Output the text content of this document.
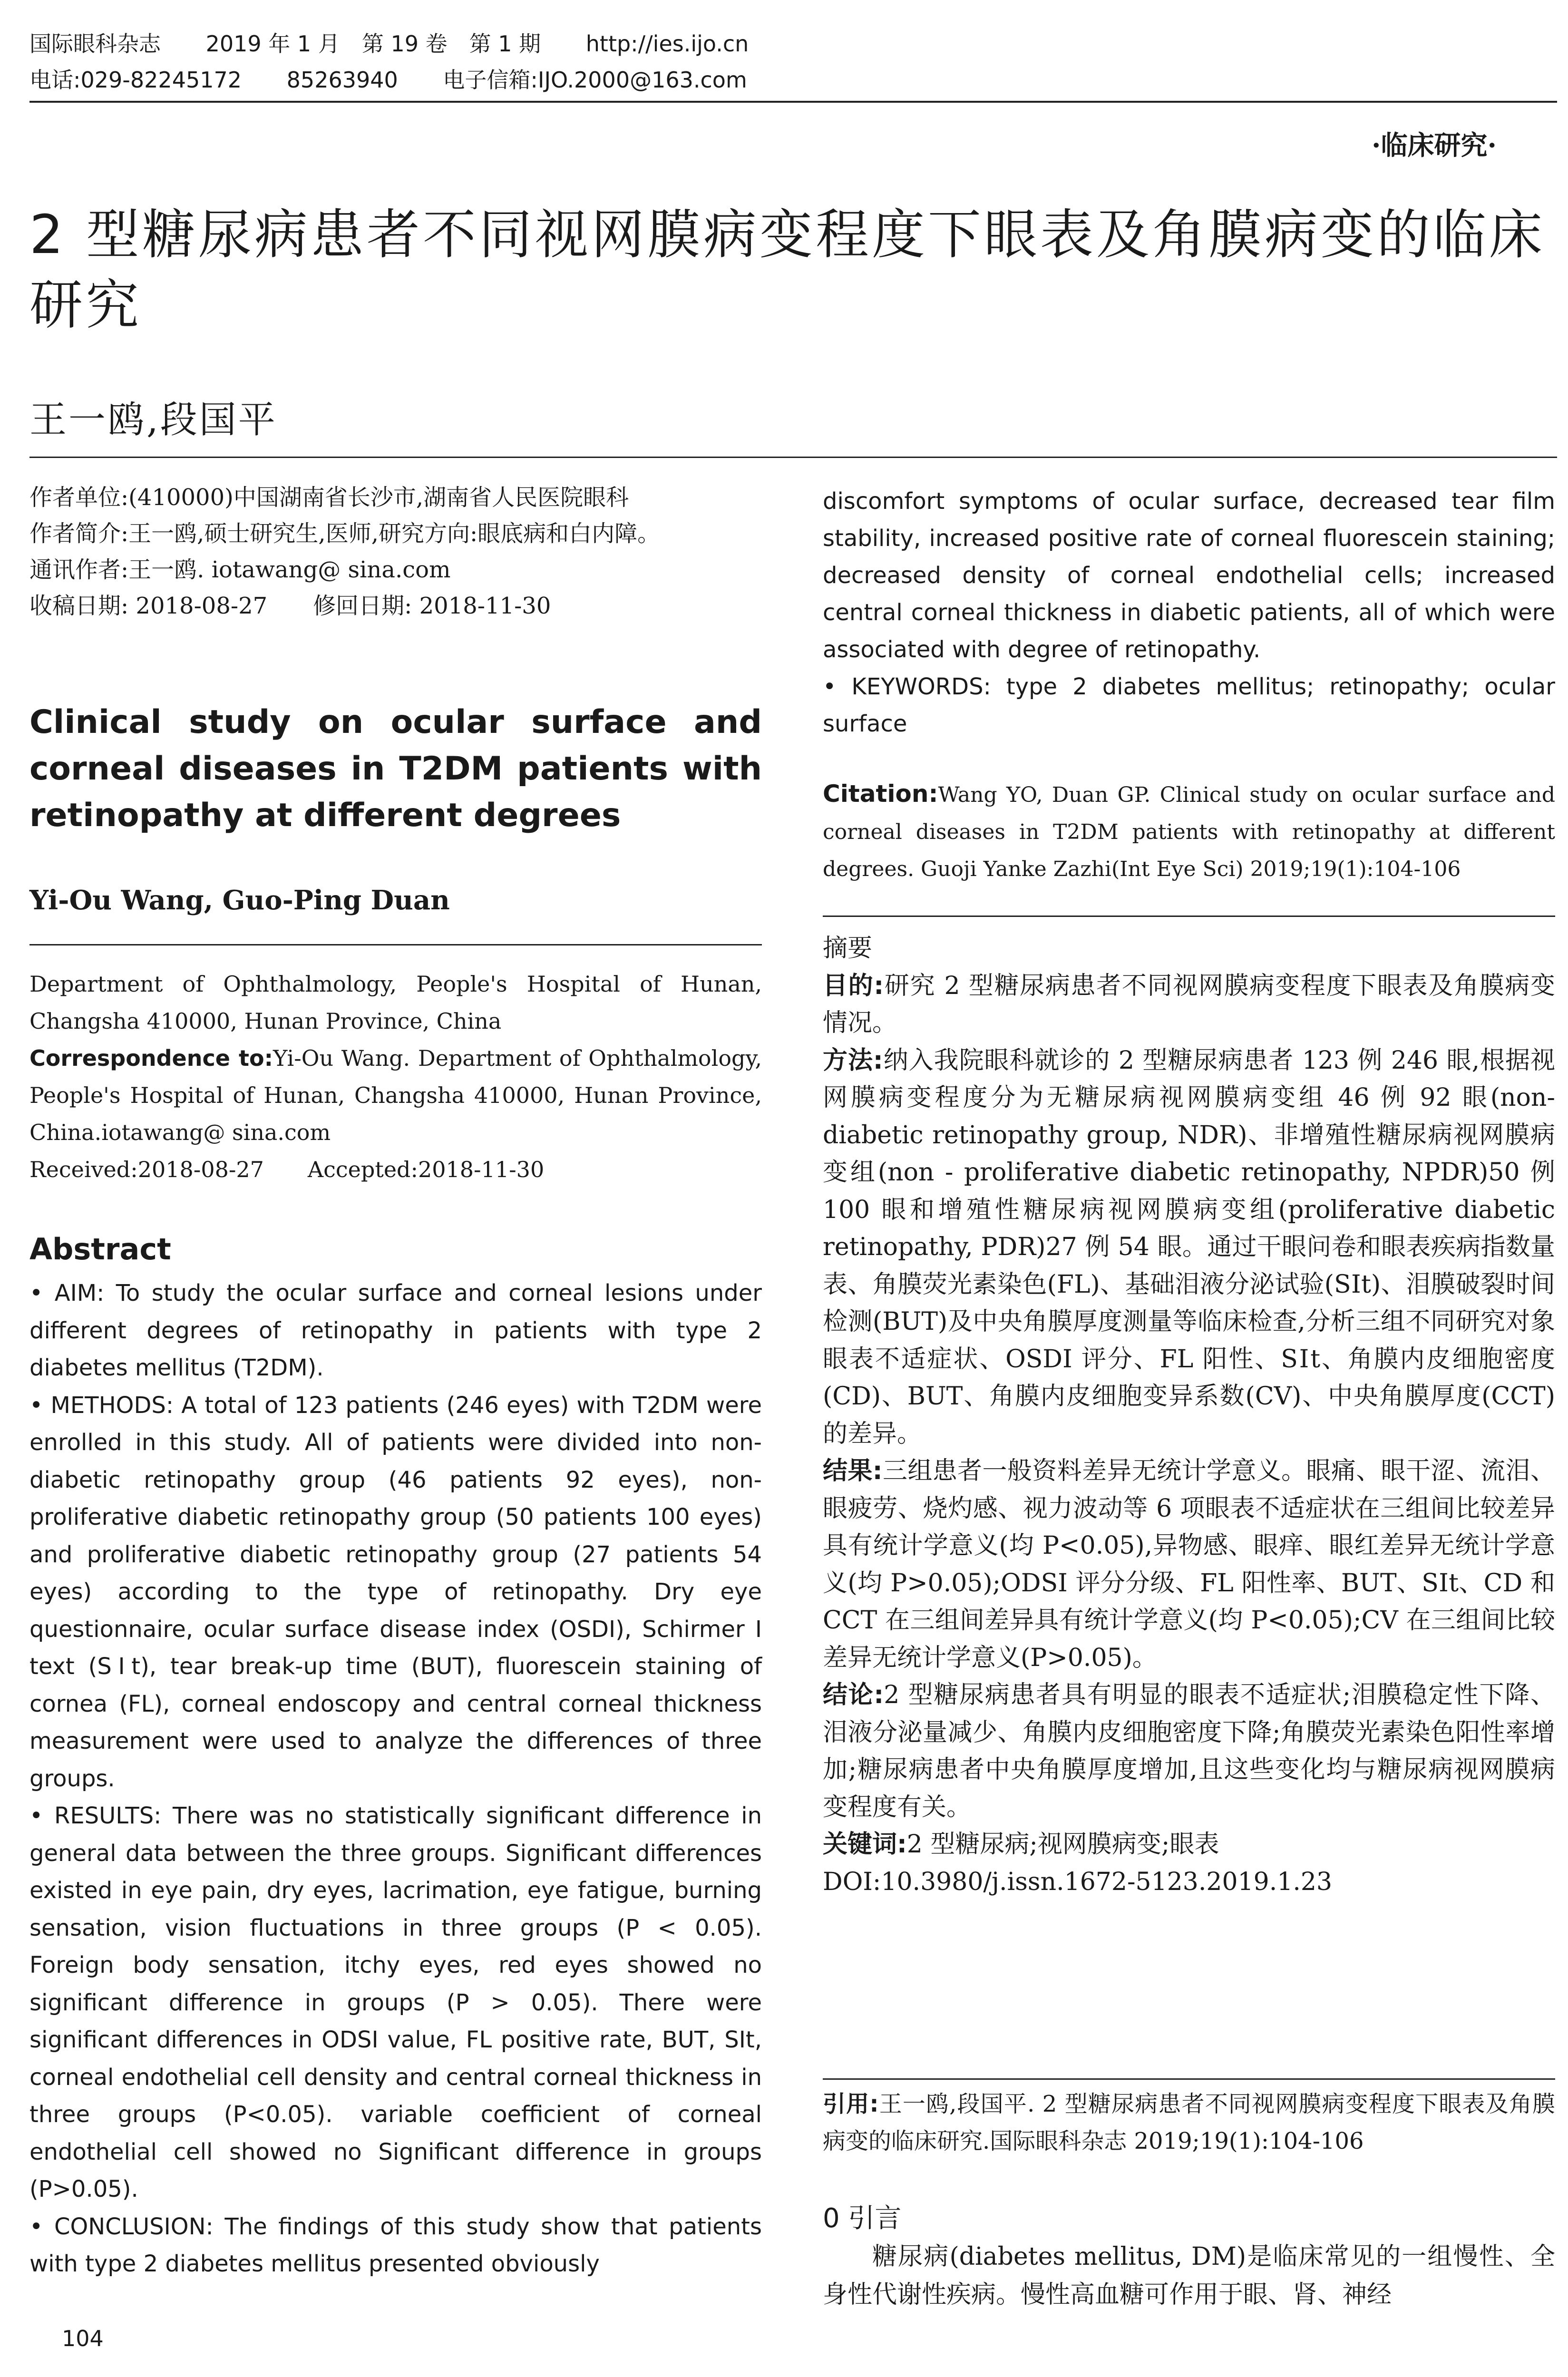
国际眼科杂志 2019 年 1 月　第 19 卷　第 1 期 http://ies.ijo.cn
电话:029-82245172 85263940 电子信箱:IJO.2000@163.com
·临床研究·
2 型糖尿病患者不同视网膜病变程度下眼表及角膜病变的临床研究
王一鸥,段国平
作者单位:(410000)中国湖南省长沙市,湖南省人民医院眼科
作者简介:王一鸥,硕士研究生,医师,研究方向:眼底病和白内障。
通讯作者:王一鸥. iotawang@ sina.com
收稿日期: 2018-08-27　　修回日期: 2018-11-30
Clinical study on ocular surface and corneal diseases in T2DM patients with retinopathy at different degrees
Yi-Ou Wang, Guo-Ping Duan
Department of Ophthalmology, People's Hospital of Hunan, Changsha 410000, Hunan Province, China
Correspondence to:Yi-Ou Wang. Department of Ophthalmology, People's Hospital of Hunan, Changsha 410000, Hunan Province, China.iotawang@ sina.com
Received:2018-08-27　　Accepted:2018-11-30
Abstract

• AIM: To study the ocular surface and corneal lesions under different degrees of retinopathy in patients with type 2 diabetes mellitus (T2DM).

• METHODS: A total of 123 patients (246 eyes) with T2DM were enrolled in this study. All of patients were divided into non-diabetic retinopathy group (46 patients 92 eyes), non-proliferative diabetic retinopathy group (50 patients 100 eyes) and proliferative diabetic retinopathy group (27 patients 54 eyes) according to the type of retinopathy. Dry eye questionnaire, ocular surface disease index (OSDI), Schirmer Ⅰ text (SⅠt), tear break-up time (BUT), fluorescein staining of cornea (FL), corneal endoscopy and central corneal thickness measurement were used to analyze the differences of three groups.

• RESULTS: There was no statistically significant difference in general data between the three groups. Significant differences existed in eye pain, dry eyes, lacrimation, eye fatigue, burning sensation, vision fluctuations in three groups (P < 0.05). Foreign body sensation, itchy eyes, red eyes showed no significant difference in groups (P > 0.05). There were significant differences in ODSI value, FL positive rate, BUT, SIt, corneal endothelial cell density and central corneal thickness in three groups (P<0.05). variable coefficient of corneal endothelial cell showed no Significant difference in groups (P>0.05).

• CONCLUSION: The findings of this study show that patients with type 2 diabetes mellitus presented obviously

104

discomfort symptoms of ocular surface, decreased tear film stability, increased positive rate of corneal fluorescein staining; decreased density of corneal endothelial cells; increased central corneal thickness in diabetic patients, all of which were associated with degree of retinopathy.

• KEYWORDS: type 2 diabetes mellitus; retinopathy; ocular surface

Citation:Wang YO, Duan GP. Clinical study on ocular surface and corneal diseases in T2DM patients with retinopathy at different degrees. Guoji Yanke Zazhi(Int Eye Sci) 2019;19(1):104-106

摘要

目的:研究 2 型糖尿病患者不同视网膜病变程度下眼表及角膜病变情况。

方法:纳入我院眼科就诊的 2 型糖尿病患者 123 例 246 眼,根据视网膜病变程度分为无糖尿病视网膜病变组 46 例 92 眼(non-diabetic retinopathy group, NDR)、非增殖性糖尿病视网膜病变组(non - proliferative diabetic retinopathy, NPDR)50 例 100 眼和增殖性糖尿病视网膜病变组(proliferative diabetic retinopathy, PDR)27 例 54 眼。通过干眼问卷和眼表疾病指数量表、角膜荧光素染色(FL)、基础泪液分泌试验(SⅠt)、泪膜破裂时间检测(BUT)及中央角膜厚度测量等临床检查,分析三组不同研究对象眼表不适症状、OSDI 评分、FL 阳性、SⅠt、角膜内皮细胞密度(CD)、BUT、角膜内皮细胞变异系数(CV)、中央角膜厚度(CCT)的差异。

结果:三组患者一般资料差异无统计学意义。眼痛、眼干涩、流泪、眼疲劳、烧灼感、视力波动等 6 项眼表不适症状在三组间比较差异具有统计学意义(均 P<0.05),异物感、眼痒、眼红差异无统计学意义(均 P>0.05);ODSI 评分分级、FL 阳性率、BUT、SⅠt、CD 和 CCT 在三组间差异具有统计学意义(均 P<0.05);CV 在三组间比较差异无统计学意义(P>0.05)。

结论:2 型糖尿病患者具有明显的眼表不适症状;泪膜稳定性下降、泪液分泌量减少、角膜内皮细胞密度下降;角膜荧光素染色阳性率增加;糖尿病患者中央角膜厚度增加,且这些变化均与糖尿病视网膜病变程度有关。

关键词:2 型糖尿病;视网膜病变;眼表

DOI:10.3980/j.issn.1672-5123.2019.1.23

引用:王一鸥,段国平. 2 型糖尿病患者不同视网膜病变程度下眼表及角膜病变的临床研究.国际眼科杂志 2019;19(1):104-106
0 引言
糖尿病(diabetes mellitus, DM)是临床常见的一组慢性、全身性代谢性疾病。慢性高血糖可作用于眼、肾、神经
